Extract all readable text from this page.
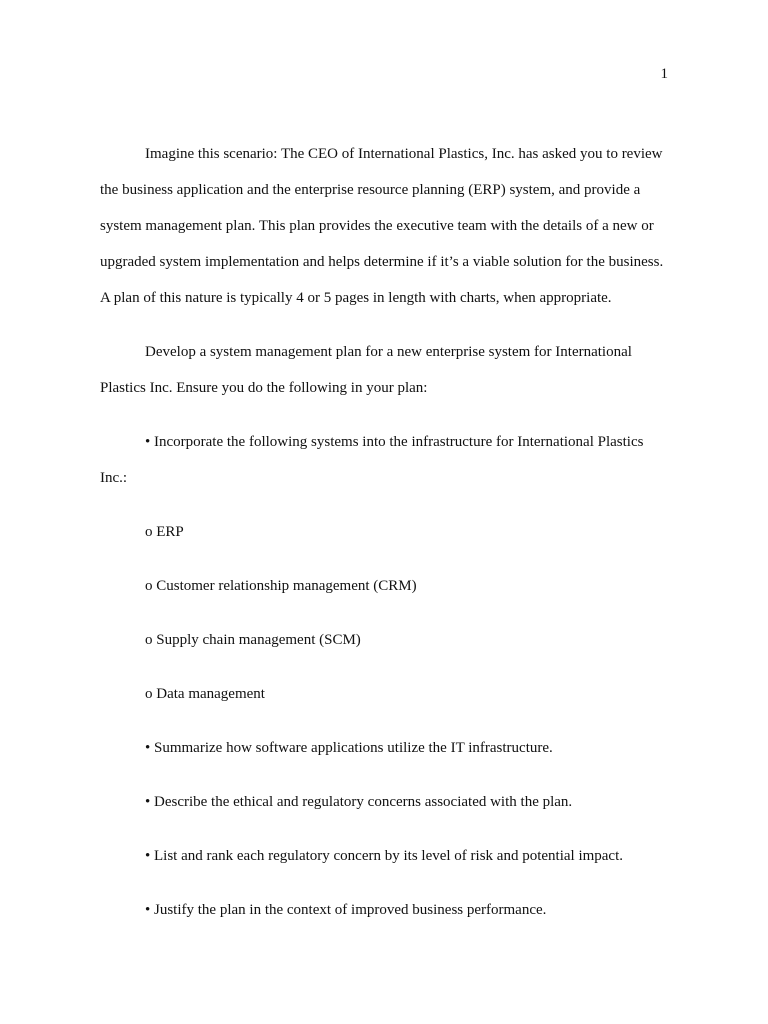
1

Imagine this scenario: The CEO of International Plastics, Inc. has asked you to review
the business application and the enterprise resource planning (ERP) system, and provide a
system management plan. This plan provides the executive team with the details of a new or
upgraded system implementation and helps determine if it’s a viable solution for the business.
A plan of this nature is typically 4 or 5 pages in length with charts, when appropriate.

Develop a system management plan for a new enterprise system for International
Plastics Inc. Ensure you do the following in your plan:

• Incorporate the following systems into the infrastructure for International Plastics
Inc.:

o ERP

o Customer relationship management (CRM)

o Supply chain management (SCM)

o Data management

• Summarize how software applications utilize the IT infrastructure.

• Describe the ethical and regulatory concerns associated with the plan.

• List and rank each regulatory concern by its level of risk and potential impact.

• Justify the plan in the context of improved business performance.
